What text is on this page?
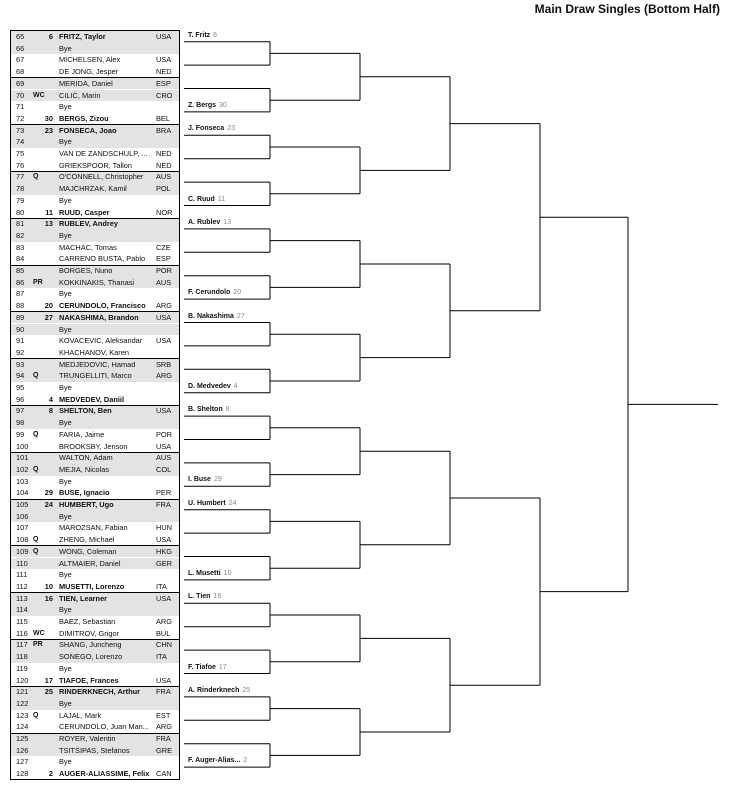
Main Draw Singles (Bottom Half)
65	6 FRITZ, Taylor	USA
66	Bye
67	MICHELSEN, Alex	USA
68	DE JONG, Jesper	NED
69	MERIDA, Daniel	ESP
70 WC CILIC, Marin	CRO
71	Bye
72	30 BERGS, Zizou	BEL
73	23 FONSECA, Joao	BRA
74	Bye
75	VAN DE ZANDSCHULP, ...	NED
76	GRIEKSPOOR, Tallon	NED
77 Q	O'CONNELL, Christopher	AUS
78	MAJCHRZAK, Kamil	POL
79	Bye
80	11 RUUD, Casper	NOR
81	13 RUBLEV, Andrey
82	Bye
83	MACHAC, Tomas	CZE
84	CARRENO BUSTA, Pablo	ESP
85	BORGES, Nuno	POR
86 PR KOKKINAKIS, Thanasi	AUS
87	Bye
88	20 CERUNDOLO, Francisco	ARG
89	27 NAKASHIMA, Brandon	USA
90	Bye
91	KOVACEVIC, Aleksandar	USA
92	KHACHANOV, Karen
93	MEDJEDOVIC, Hamad	SRB
94 Q	TRUNGELLITI, Marco	ARG
95	Bye
96	4 MEDVEDEV, Daniil
97	8 SHELTON, Ben	USA
98	Bye
99 Q	FARIA, Jaime	POR
100	BROOKSBY, Jenson	USA
101	WALTON, Adam	AUS
102 Q	MEJIA, Nicolas	COL
103	Bye
104	29 BUSE, Ignacio	PER
105	24 HUMBERT, Ugo	FRA
106	Bye
107	MAROZSAN, Fabian	HUN
108 Q	ZHENG, Michael	USA
109 Q	WONG, Coleman	HKG
110	ALTMAIER, Daniel	GER
111	Bye
112	10 MUSETTI, Lorenzo	ITA
113	16 TIEN, Learner	USA
114	Bye
115	BAEZ, Sebastian	ARG
116 WC DIMITROV, Grigor	BUL
117 PR SHANG, Juncheng	CHN
118	SONEGO, Lorenzo	ITA
119	Bye
120	17 TIAFOE, Frances	USA
121	25 RINDERKNECH, Arthur	FRA
122	Bye
123 Q	LAJAL, Mark	EST
124	CERUNDOLO, Juan Man... ARG
125	ROYER, Valentin	FRA
126	TSITSIPAS, Stefanos	GRE
127	Bye
128	2 AUGER-ALIASSIME, Felix CAN
T. Fritz 6
Z. Bergs 30
J. Fonseca 23
C. Ruud 11
A. Rublev 13
F. Cerundolo 20
B. Nakashima 27
D. Medvedev 4
B. Shelton 8
I. Buse 29
U. Humbert 24
L. Musetti 10
L. Tien 16
F. Tiafoe 17
A. Rinderknech 25
F. Auger-Alias... 2
